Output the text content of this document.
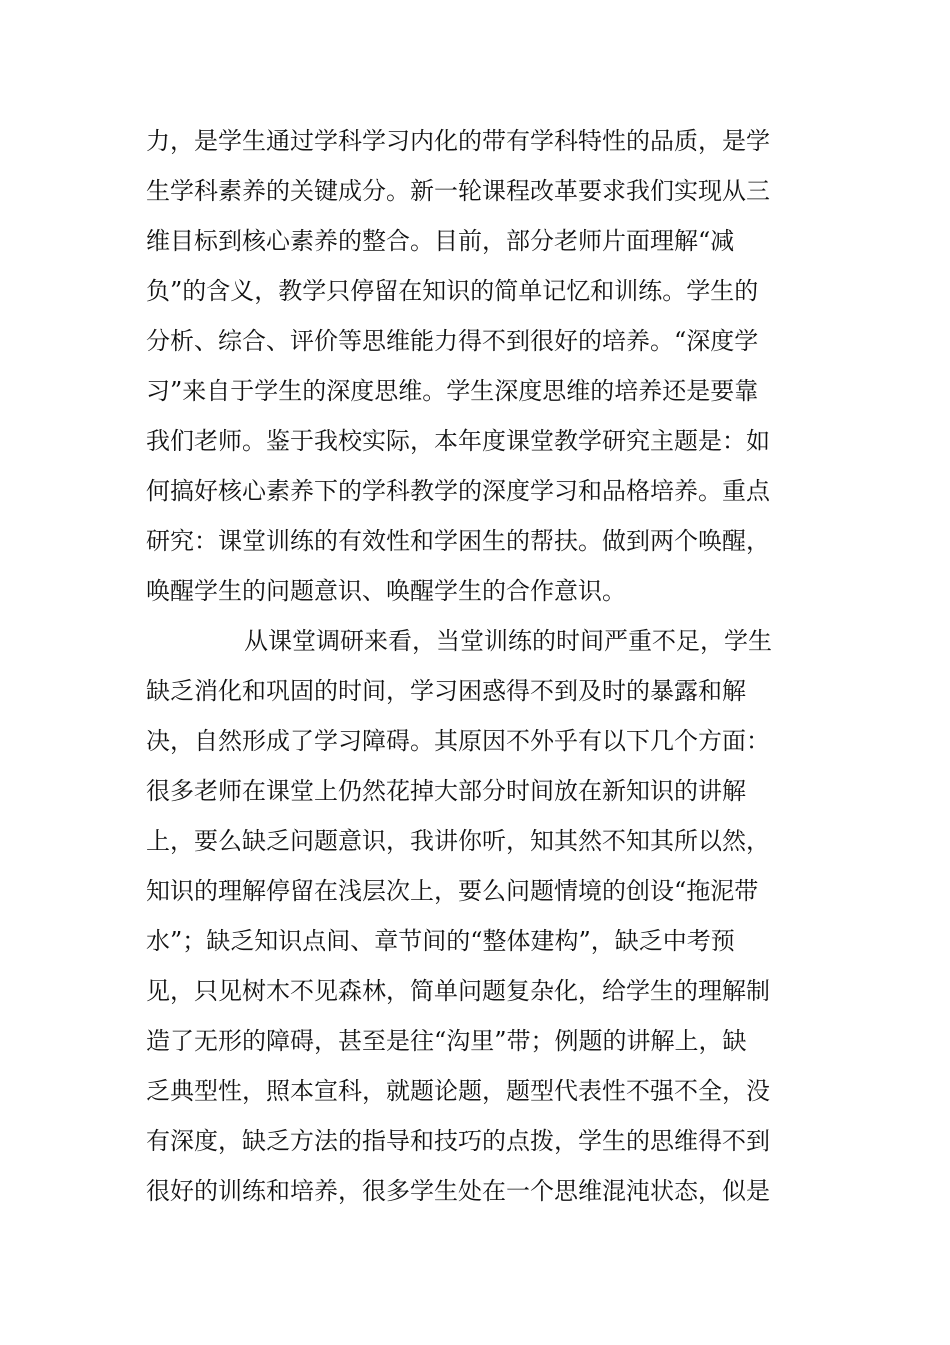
力，是学生通过学科学习内化的带有学科特性的品质，是学

生学科素养的关键成分。新一轮课程改革要求我们实现从三

维目标到核心素养的整合。目前，部分老师片面理解“减

负”的含义，教学只停留在知识的简单记忆和训练。学生的

分析、综合、评价等思维能力得不到很好的培养。“深度学

习”来自于学生的深度思维。学生深度思维的培养还是要靠

我们老师。鉴于我校实际，本年度课堂教学研究主题是：如

何搞好核心素养下的学科教学的深度学习和品格培养。重点

研究：课堂训练的有效性和学困生的帮扶。做到两个唤醒，

唤醒学生的问题意识、唤醒学生的合作意识。

从课堂调研来看，当堂训练的时间严重不足，学生

缺乏消化和巩固的时间，学习困惑得不到及时的暴露和解

决，自然形成了学习障碍。其原因不外乎有以下几个方面：

很多老师在课堂上仍然花掉大部分时间放在新知识的讲解

上，要么缺乏问题意识，我讲你听，知其然不知其所以然，

知识的理解停留在浅层次上，要么问题情境的创设“拖泥带

水”；缺乏知识点间、章节间的“整体建构”，缺乏中考预

见，只见树木不见森林，简单问题复杂化，给学生的理解制

造了无形的障碍，甚至是往“沟里”带；例题的讲解上，缺

乏典型性，照本宣科，就题论题，题型代表性不强不全，没

有深度，缺乏方法的指导和技巧的点拨，学生的思维得不到

很好的训练和培养，很多学生处在一个思维混沌状态，似是
